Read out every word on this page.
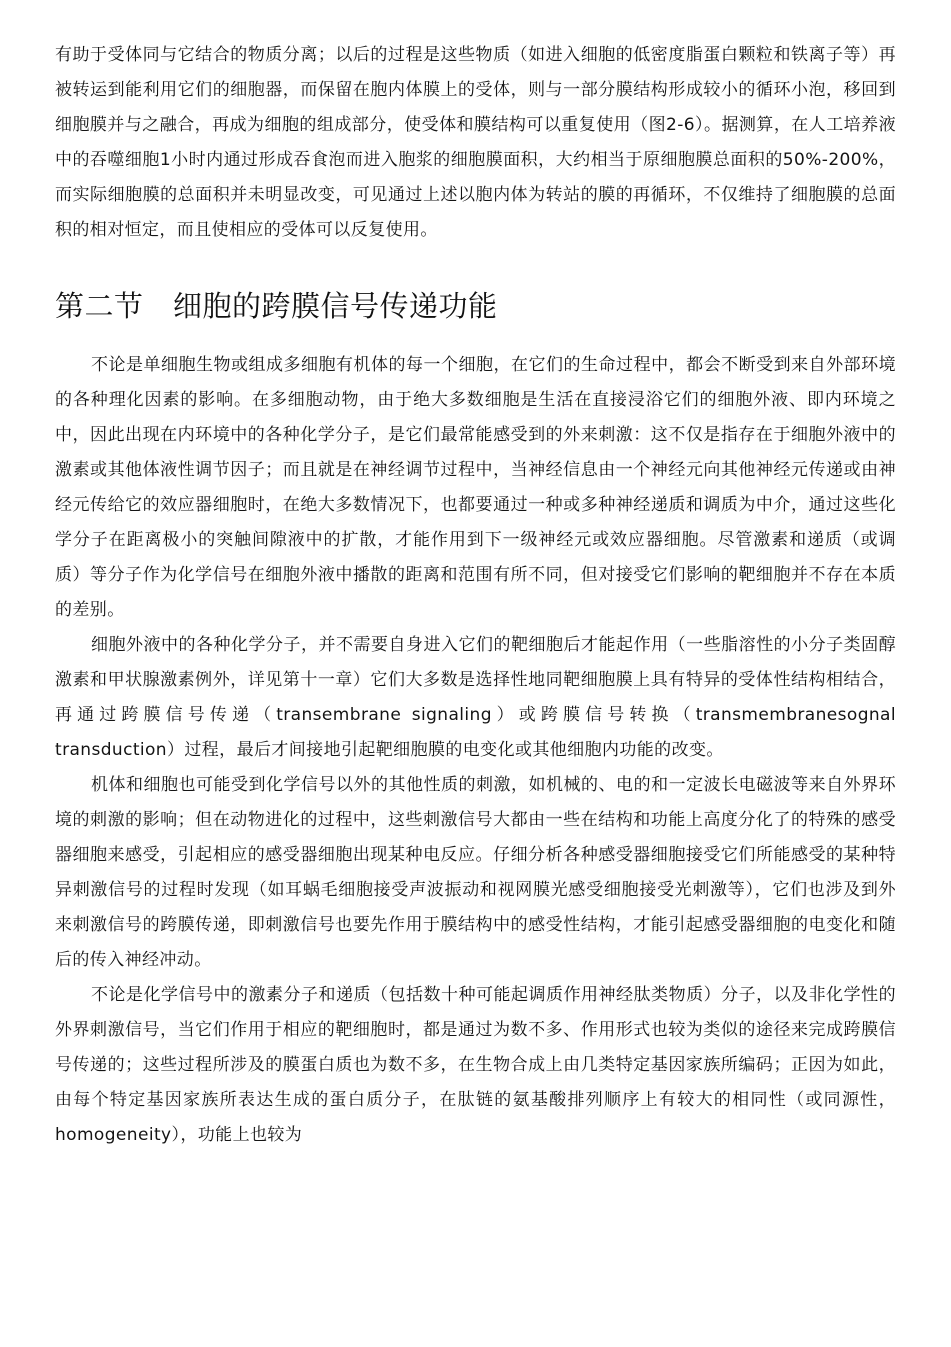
有助于受体同与它结合的物质分离；以后的过程是这些物质（如进入细胞的低密度脂蛋白颗粒和铁离子等）再被转运到能利用它们的细胞器，而保留在胞内体膜上的受体，则与一部分膜结构形成较小的循环小泡，移回到细胞膜并与之融合，再成为细胞的组成部分，使受体和膜结构可以重复使用（图2-6）。据测算，在人工培养液中的吞噬细胞1小时内通过形成吞食泡而进入胞浆的细胞膜面积，大约相当于原细胞膜总面积的50%-200%，而实际细胞膜的总面积并未明显改变，可见通过上述以胞内体为转站的膜的再循环，不仅维持了细胞膜的总面积的相对恒定，而且使相应的受体可以反复使用。

第二节　细胞的跨膜信号传递功能

不论是单细胞生物或组成多细胞有机体的每一个细胞，在它们的生命过程中，都会不断受到来自外部环境的各种理化因素的影响。在多细胞动物，由于绝大多数细胞是生活在直接浸浴它们的细胞外液、即内环境之中，因此出现在内环境中的各种化学分子，是它们最常能感受到的外来刺激：这不仅是指存在于细胞外液中的激素或其他体液性调节因子；而且就是在神经调节过程中，当神经信息由一个神经元向其他神经元传递或由神经元传给它的效应器细胞时，在绝大多数情况下，也都要通过一种或多种神经递质和调质为中介，通过这些化学分子在距离极小的突触间隙液中的扩散，才能作用到下一级神经元或效应器细胞。尽管激素和递质（或调质）等分子作为化学信号在细胞外液中播散的距离和范围有所不同，但对接受它们影响的靶细胞并不存在本质的差别。

细胞外液中的各种化学分子，并不需要自身进入它们的靶细胞后才能起作用（一些脂溶性的小分子类固醇激素和甲状腺激素例外，详见第十一章）它们大多数是选择性地同靶细胞膜上具有特异的受体性结构相结合，再通过跨膜信号传递（transembrane signaling）或跨膜信号转换（transmembranesognal transduction）过程，最后才间接地引起靶细胞膜的电变化或其他细胞内功能的改变。

机体和细胞也可能受到化学信号以外的其他性质的刺激，如机械的、电的和一定波长电磁波等来自外界环境的刺激的影响；但在动物进化的过程中，这些刺激信号大都由一些在结构和功能上高度分化了的特殊的感受器细胞来感受，引起相应的感受器细胞出现某种电反应。仔细分析各种感受器细胞接受它们所能感受的某种特异刺激信号的过程时发现（如耳蜗毛细胞接受声波振动和视网膜光感受细胞接受光刺激等），它们也涉及到外来刺激信号的跨膜传递，即刺激信号也要先作用于膜结构中的感受性结构，才能引起感受器细胞的电变化和随后的传入神经冲动。

不论是化学信号中的激素分子和递质（包括数十种可能起调质作用神经肽类物质）分子，以及非化学性的外界刺激信号，当它们作用于相应的靶细胞时，都是通过为数不多、作用形式也较为类似的途径来完成跨膜信号传递的；这些过程所涉及的膜蛋白质也为数不多，在生物合成上由几类特定基因家族所编码；正因为如此，由每个特定基因家族所表达生成的蛋白质分子，在肽链的氨基酸排列顺序上有较大的相同性（或同源性，homogeneity），功能上也较为
